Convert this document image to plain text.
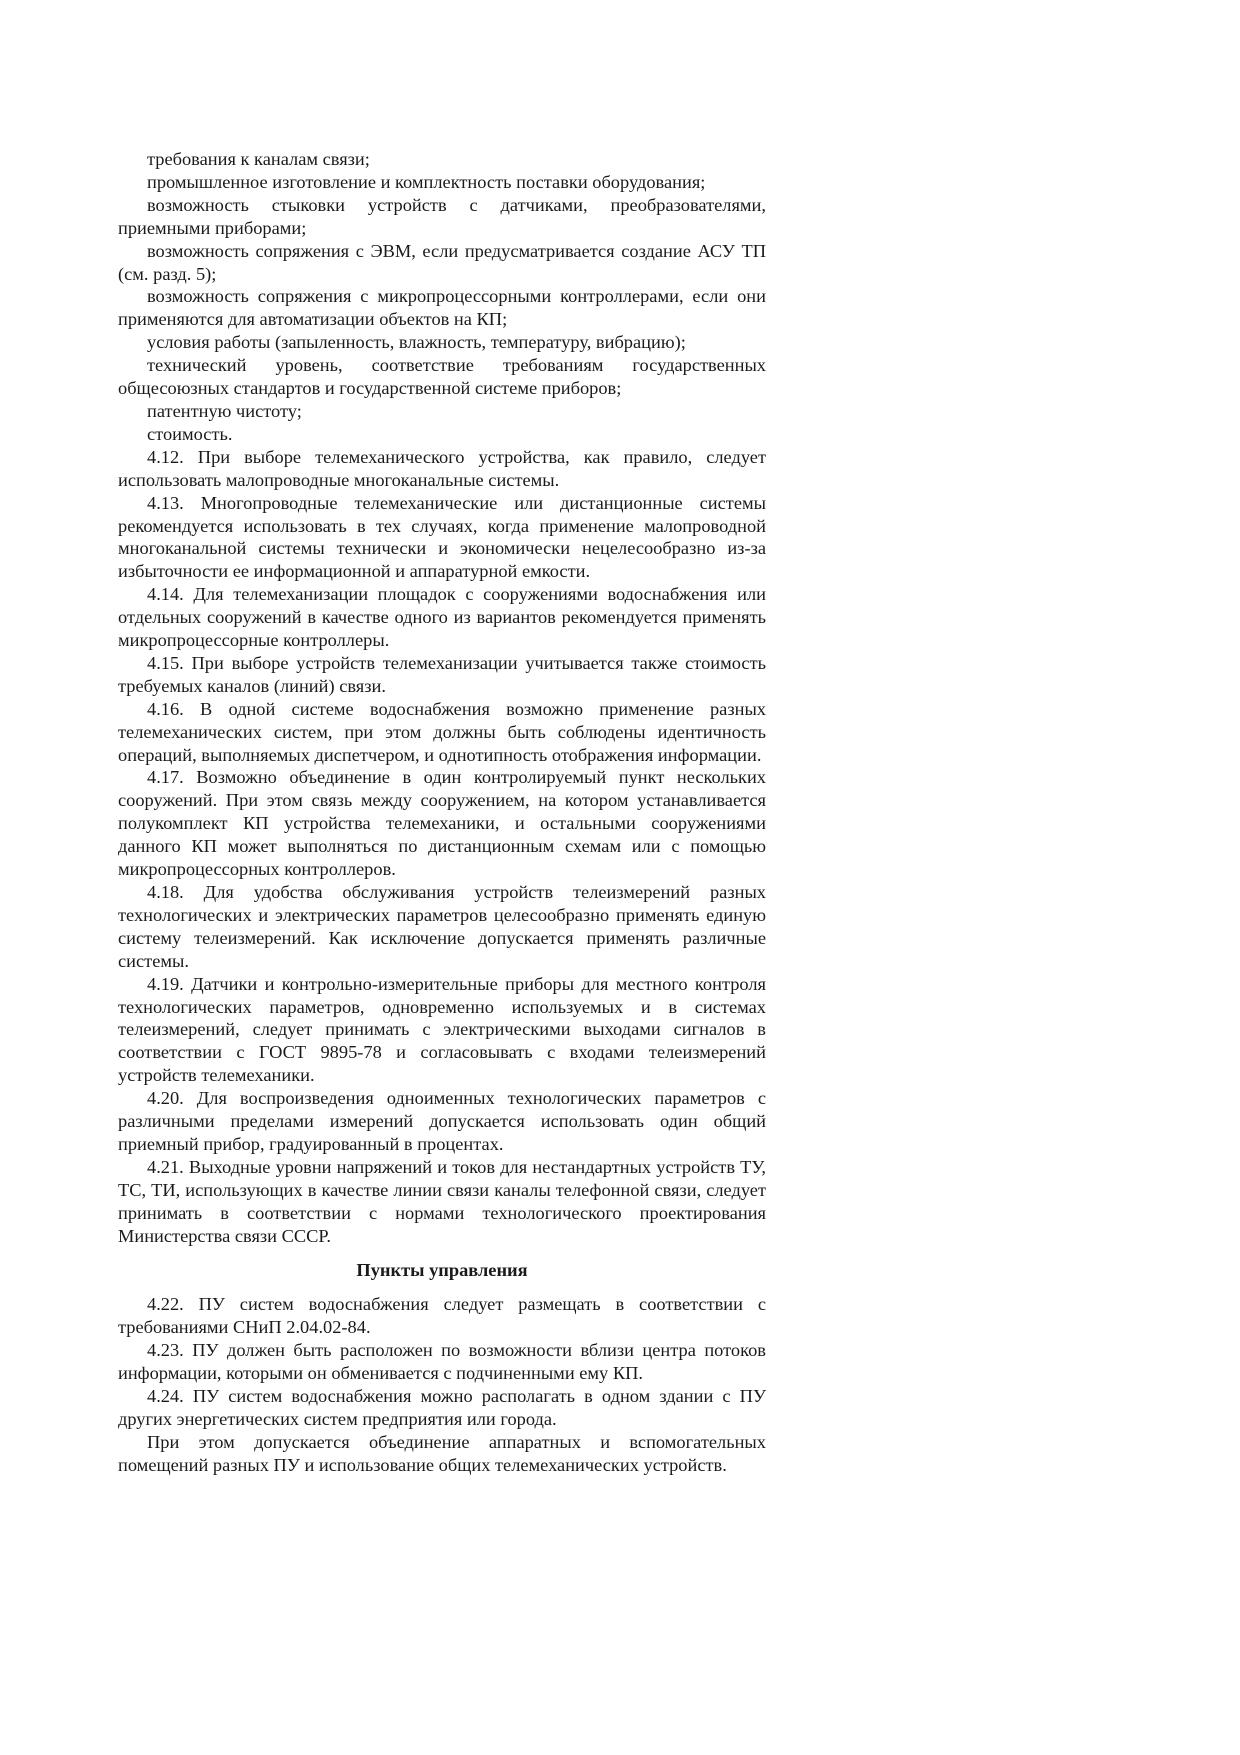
требования к каналам связи;

промышленное изготовление и комплектность поставки оборудования;

возможность стыковки устройств с датчиками, преобразователями, приемными приборами;

возможность сопряжения с ЭВМ, если предусматривается создание АСУ ТП (см. разд. 5);

возможность сопряжения с микропроцессорными контроллерами, если они применяются для автоматизации объектов на КП;

условия работы (запыленность, влажность, температуру, вибрацию);

технический уровень, соответствие требованиям государственных общесоюзных стандартов и государственной системе приборов;

патентную чистоту;

стоимость.

4.12. При выборе телемеханического устройства, как правило, следует использовать малопроводные многоканальные системы.

4.13. Многопроводные телемеханические или дистанционные системы рекомендуется использовать в тех случаях, когда применение малопроводной многоканальной системы технически и экономически нецелесообразно из-за избыточности ее информационной и аппаратурной емкости.

4.14. Для телемеханизации площадок с сооружениями водоснабжения или отдельных сооружений в качестве одного из вариантов рекомендуется применять микропроцессорные контроллеры.

4.15. При выборе устройств телемеханизации учитывается также стоимость требуемых каналов (линий) связи.

4.16. В одной системе водоснабжения возможно применение разных телемеханических систем, при этом должны быть соблюдены идентичность операций, выполняемых диспетчером, и однотипность отображения информации.

4.17. Возможно объединение в один контролируемый пункт нескольких сооружений. При этом связь между сооружением, на котором устанавливается полукомплект КП устройства телемеханики, и остальными сооружениями данного КП может выполняться по дистанционным схемам или с помощью микропроцессорных контроллеров.

4.18. Для удобства обслуживания устройств телеизмерений разных технологических и электрических параметров целесообразно применять единую систему телеизмерений. Как исключение допускается применять различные системы.

4.19. Датчики и контрольно-измерительные приборы для местного контроля технологических параметров, одновременно используемых и в системах телеизмерений, следует принимать с электрическими выходами сигналов в соответствии с ГОСТ 9895-78 и согласовывать с входами телеизмерений устройств телемеханики.

4.20. Для воспроизведения одноименных технологических параметров с различными пределами измерений допускается использовать один общий приемный прибор, градуированный в процентах.

4.21. Выходные уровни напряжений и токов для нестандартных устройств ТУ, ТС, ТИ, использующих в качестве линии связи каналы телефонной связи, следует принимать в соответствии с нормами технологического проектирования Министерства связи СССР.

Пункты управления

4.22. ПУ систем водоснабжения следует размещать в соответствии с требованиями СНиП 2.04.02-84.

4.23. ПУ должен быть расположен по возможности вблизи центра потоков информации, которыми он обменивается с подчиненными ему КП.

4.24. ПУ систем водоснабжения можно располагать в одном здании с ПУ других энергетических систем предприятия или города.

При этом допускается объединение аппаратных и вспомогательных помещений разных ПУ и использование общих телемеханических устройств.
